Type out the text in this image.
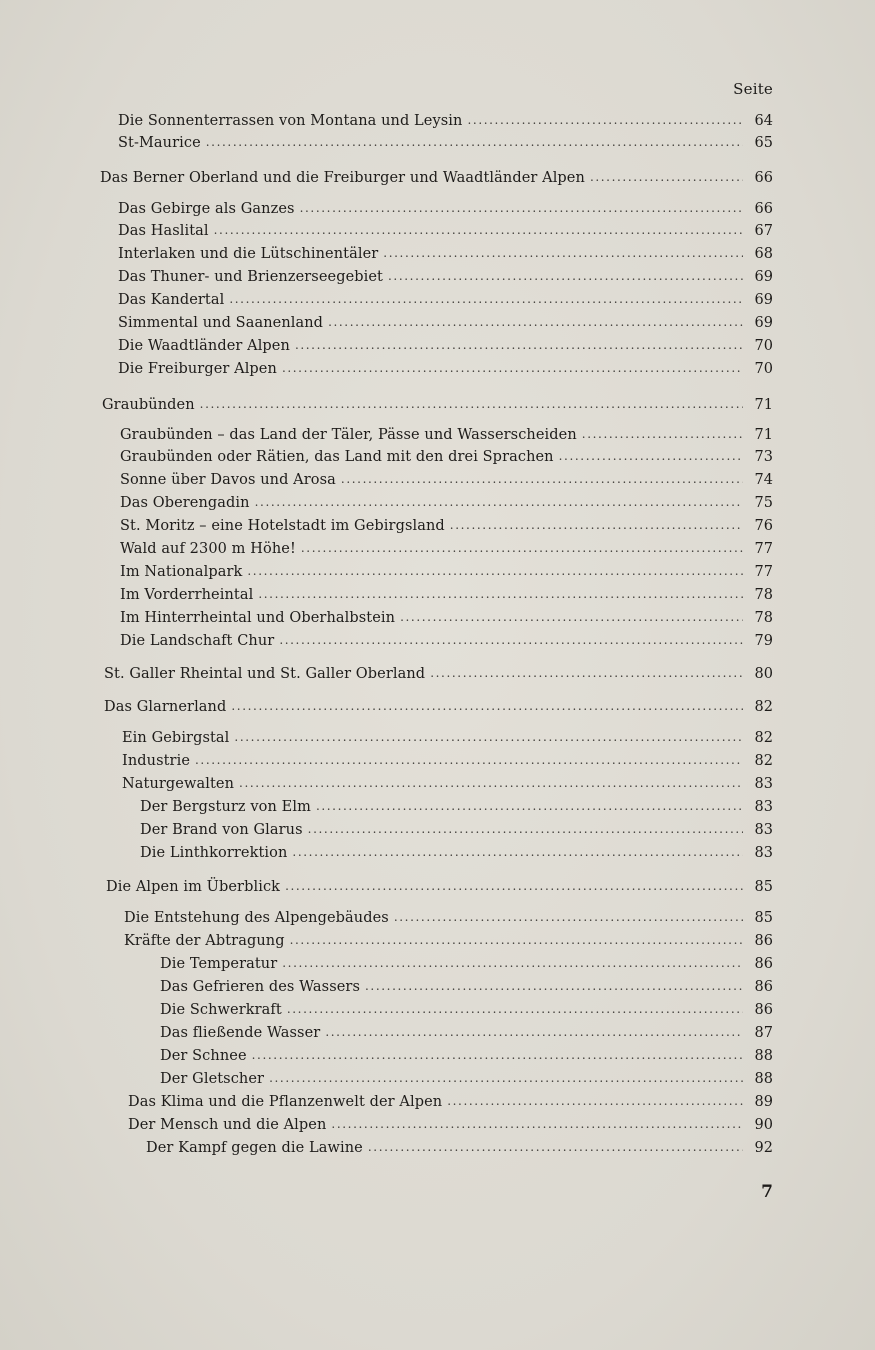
Seite
Die Sonnenterrassen von Montana und Leysin .....	64
St-Maurice .....	65
Das Berner Oberland und die Freiburger und Waadtländer Alpen .....	66
Das Gebirge als Ganzes .....	66
Das Haslital .....	67
Interlaken und die Lütschinentäler .....	68
Das Thuner- und Brienzerseegebiet .....	69
Das Kandertal .....	69
Simmental und Saanenland .....	69
Die Waadtländer Alpen .....	70
Die Freiburger Alpen .....	70
Graubünden .....	71
Graubünden – das Land der Täler, Pässe und Wasserscheiden .....	71
Graubünden oder Rätien, das Land mit den drei Sprachen .....	73
Sonne über Davos und Arosa .....	74
Das Oberengadin .....	75
St. Moritz – eine Hotelstadt im Gebirgsland .....	76
Wald auf 2300 m Höhe! .....	77
Im Nationalpark .....	77
Im Vorderrheintal .....	78
Im Hinterrheintal und Oberhalbstein .....	78
Die Landschaft Chur .....	79
St. Galler Rheintal und St. Galler Oberland .....	80
Das Glarnerland .....	82
Ein Gebirgstal .....	82
Industrie .....	82
Naturgewalten .....	83
Der Bergsturz von Elm .....	83
Der Brand von Glarus .....	83
Die Linthkorrektion .....	83
Die Alpen im Überblick .....	85
Die Entstehung des Alpengebäudes .....	85
Kräfte der Abtragung .....	86
Die Temperatur .....	86
Das Gefrieren des Wassers .....	86
Die Schwerkraft .....	86
Das fließende Wasser .....	87
Der Schnee .....	88
Der Gletscher .....	88
Das Klima und die Pflanzenwelt der Alpen .....	89
Der Mensch und die Alpen .....	90
Der Kampf gegen die Lawine .....	92
7
